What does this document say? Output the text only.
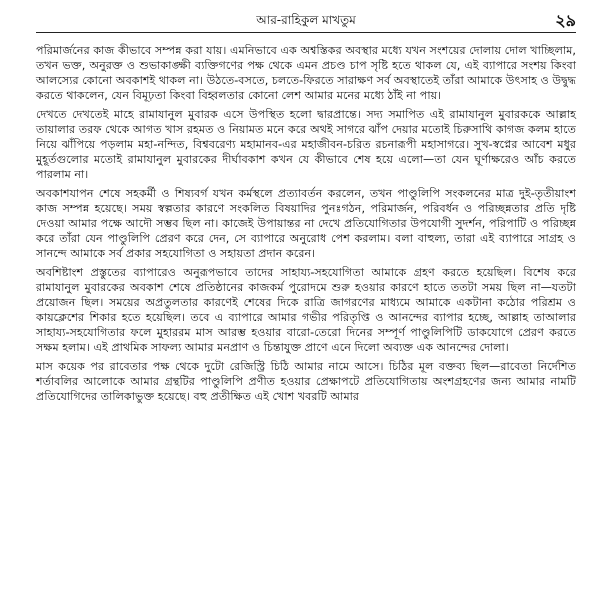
আর-রাহিকুল মাখতুম	২৯

পরিমার্জনের কাজ কীভাবে সম্পন্ন করা যায়। এমনিভাবে এক অশ্বস্তিকর অবস্থার মধ্যে যখন সংশয়ের দোলায় দোল খাচ্ছিলাম, তখন ভক্ত, অনুরক্ত ও শুভাকাঙ্ক্ষী ব্যক্তিগণের পক্ষ থেকে এমন প্রচণ্ড চাপ সৃষ্টি হতে থাকল যে, এই ব্যাপারে সংশয় কিংবা আলস্যের কোনো অবকাশই থাকল না। উঠতে-বসতে, চলতে-ফিরতে সারাক্ষণ সর্ব অবস্থাতেই তাঁরা আমাকে উৎসাহ ও উদ্বুদ্ধ করতে থাকলেন, যেন বিমূঢ়তা কিংবা বিহ্বলতার কোনো লেশ আমার মনের মধ্যে ঠাঁই না পায়।

দেখতে দেখতেই মাহে রামাযানুল মুবারক এসে উপস্থিত হলো দ্বারপ্রান্তে। সদ্য সমাপিত এই রামাযানুল মুবারককে আল্লাহ তায়ালার তরফ থেকে আগত খাস রহমত ও নিয়ামত মনে করে অথই সাগরে ঝাঁপ দেয়ার মতোই চিরুসাথি কাগজ কলম হাতে নিয়ে ঝাঁপিয়ে পড়লাম মহা-নন্দিত, বিশ্ববরেণ্য মহামানব-এর মহাজীবন-চরিত রচনারূপী মহাসাগরে। সুখ-স্বপ্নের আবেশ মধুর মুহূর্তগুলোর মতোই রামাযানুল মুবারকের দীর্ঘাবকাশ কখন যে কীভাবে শেষ হয়ে এলো—তা যেন ঘূর্ণাক্ষরেও আঁচ করতে পারলাম না।

অবকাশযাপন শেষে সহকর্মী ও শিষ্যবর্গ যখন কর্মস্থলে প্রত্যাবর্তন করলেন, তখন পাণ্ডুলিপি সংকলনের মাত্র দুই-তৃতীয়াংশ কাজ সম্পন্ন হয়েছে। সময় স্বল্পতার কারণে সংকলিত বিষয়াদির পুনঃগঠন, পরিমার্জন, পরিবর্ধন ও পরিচ্ছন্নতার প্রতি দৃষ্টি দেওয়া আমার পক্ষে আদৌ সম্ভব ছিল না। কাজেই উপায়ান্তর না দেখে প্রতিযোগিতার উপযোগী সুদর্শন, পরিপাটি ও পরিচ্ছন্ন করে তাঁরা যেন পাণ্ডুলিপি প্রেরণ করে দেন, সে ব্যাপারে অনুরোধ পেশ করলাম। বলা বাহুল্য, তারা এই ব্যাপারে সাগ্রহ ও সানন্দে আমাকে সর্ব প্রকার সহযোগিতা ও সহায়তা প্রদান করেন।

অবশিষ্টাংশ প্রস্তুতের ব্যাপারেও অনুরূপভাবে তাদের সাহায্য-সহযোগিতা আমাকে গ্রহণ করতে হয়েছিল। বিশেষ করে রামাযানুল মুবারকের অবকাশ শেষে প্রতিষ্ঠানের কাজকর্ম পুরোদমে শুরু হওয়ার কারণে হাতে ততটা সময় ছিল না—যতটা প্রয়োজন ছিল। সময়ের অপ্রতুলতার কারণেই শেষের দিকে রাত্রি জাগরণের মাধ্যমে আমাকে একটানা কঠোর পরিশ্রম ও কায়ক্লেশের শিকার হতে হয়েছিল। তবে এ ব্যাপারে আমার গভীর পরিতৃপ্তি ও আনন্দের ব্যাপার হচ্ছে, আল্লাহ তাআলার সাহায্য-সহযোগিতার ফলে মুহাররম মাস আরম্ভ হওয়ার বারো-তেরো দিনের সম্পূর্ণ পাণ্ডুলিপিটি ডাকযোগে প্রেরণ করতে সক্ষম হলাম। এই প্রাথমিক সাফল্য আমার মনপ্রাণ ও চিন্তাযুক্ত প্রাণে এনে দিলো অব্যক্ত এক আনন্দের দোলা।

মাস কয়েক পর রাবেতার পক্ষ থেকে দুটো রেজিস্ট্রি চিঠি আমার নামে আসে। চিঠির মূল বক্তব্য ছিল—রাবেতা নির্দেশিত শর্তাবলির আলোকে আমার গ্রন্থটির পাণ্ডুলিপি প্রণীত হওয়ার প্রেক্ষাপটে প্রতিযোগিতায় অংশগ্রহণের জন্য আমার নামটি প্রতিযোগিদের তালিকাভুক্ত হয়েছে। বহু প্রতীক্ষিত এই খোশ খবরটি আমার
